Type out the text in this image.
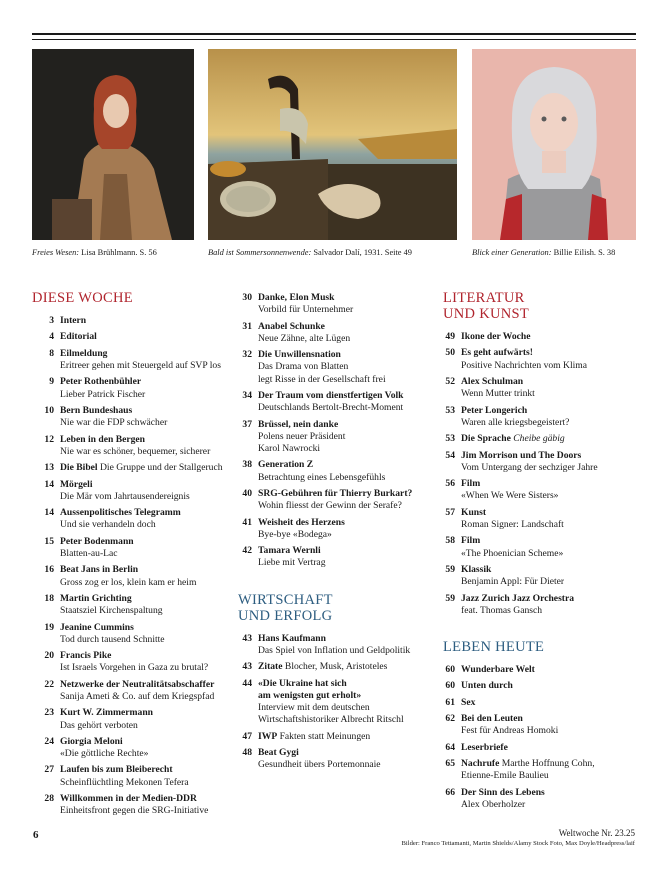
Freies Wesen: Lisa Brühlmann. S. 56	Bald ist Sommersonnenwende: Salvador Dalí, 1931. Seite 49	Blick einer Generation: Billie Eilish. S. 38
DIESE WOCHE
3 Intern
4 Editorial
8 Eilmeldung
Eritreer gehen mit Steuergeld auf SVP los
9 Peter Rothenbühler
Lieber Patrick Fischer
10 Bern Bundeshaus
Nie war die FDP schwächer
12 Leben in den Bergen
Nie war es schöner, bequemer, sicherer
13 Die Bibel Die Gruppe und der Stallgeruch
14 Mörgeli
Die Mär vom Jahrtausendereignis
14 Aussenpolitisches Telegramm
Und sie verhandeln doch
15 Peter Bodenmann
Blatten-au-Lac
16 Beat Jans in Berlin
Gross zog er los, klein kam er heim
18 Martin Grichting
Staatsziel Kirchenspaltung
19 Jeanine Cummins
Tod durch tausend Schnitte
20 Francis Pike
Ist Israels Vorgehen in Gaza zu brutal?
22 Netzwerke der Neutralitätsabschaffer
Sanija Ameti & Co. auf dem Kriegspfad
23 Kurt W. Zimmermann
Das gehört verboten
24 Giorgia Meloni
«Die göttliche Rechte»
27 Laufen bis zum Bleiberecht
Scheinflüchtling Mekonen Tefera
28 Willkommen in der Medien-DDR
Einheitsfront gegen die SRG-Initiative
30 Danke, Elon Musk
Vorbild für Unternehmer
31 Anabel Schunke
Neue Zähne, alte Lügen
32 Die Unwillensnation
Das Drama von Blatten
legt Risse in der Gesellschaft frei
34 Der Traum vom dienstfertigen Volk
Deutschlands Bertolt-Brecht-Moment
37 Brüssel, nein danke
Polens neuer Präsident
Karol Nawrocki
38 Generation Z
Betrachtung eines Lebensgefühls
40 SRG-Gebühren für Thierry Burkart?
Wohin fliesst der Gewinn der Serafe?
41 Weisheit des Herzens
Bye-bye «Bodega»
42 Tamara Wernli
Liebe mit Vertrag
WIRTSCHAFT
UND ERFOLG
43 Hans Kaufmann
Das Spiel von Inflation und Geldpolitik
43 Zitate Blocher, Musk, Aristoteles
44 «Die Ukraine hat sich
am wenigsten gut erholt»
Interview mit dem deutschen
Wirtschaftshistoriker Albrecht Ritschl
47 IWP Fakten statt Meinungen
48 Beat Gygi
Gesundheit übers Portemonnaie
LITERATUR
UND KUNST
49 Ikone der Woche
50 Es geht aufwärts!
Positive Nachrichten vom Klima
52 Alex Schulman
Wenn Mutter trinkt
53 Peter Longerich
Waren alle kriegsbegeistert?
53 Die Sprache Cheibe gäbig
54 Jim Morrison und The Doors
Vom Untergang der sechziger Jahre
56 Film
«When We Were Sisters»
57 Kunst
Roman Signer: Landschaft
58 Film
«The Phoenician Scheme»
59 Klassik
Benjamin Appl: Für Dieter
59 Jazz Zurich Jazz Orchestra
feat. Thomas Gansch
LEBEN HEUTE
60 Wunderbare Welt
60 Unten durch
61 Sex
62 Bei den Leuten
Fest für Andreas Homoki
64 Leserbriefe
65 Nachrufe Marthe Hoffnung Cohn,
Etienne-Emile Baulieu
66 Der Sinn des Lebens
Alex Oberholzer
6	Weltwoche Nr. 23.25
Bilder: Franco Tettamanti, Martin Shields/Alamy Stock Foto, Max Doyle/Headpress/laif
